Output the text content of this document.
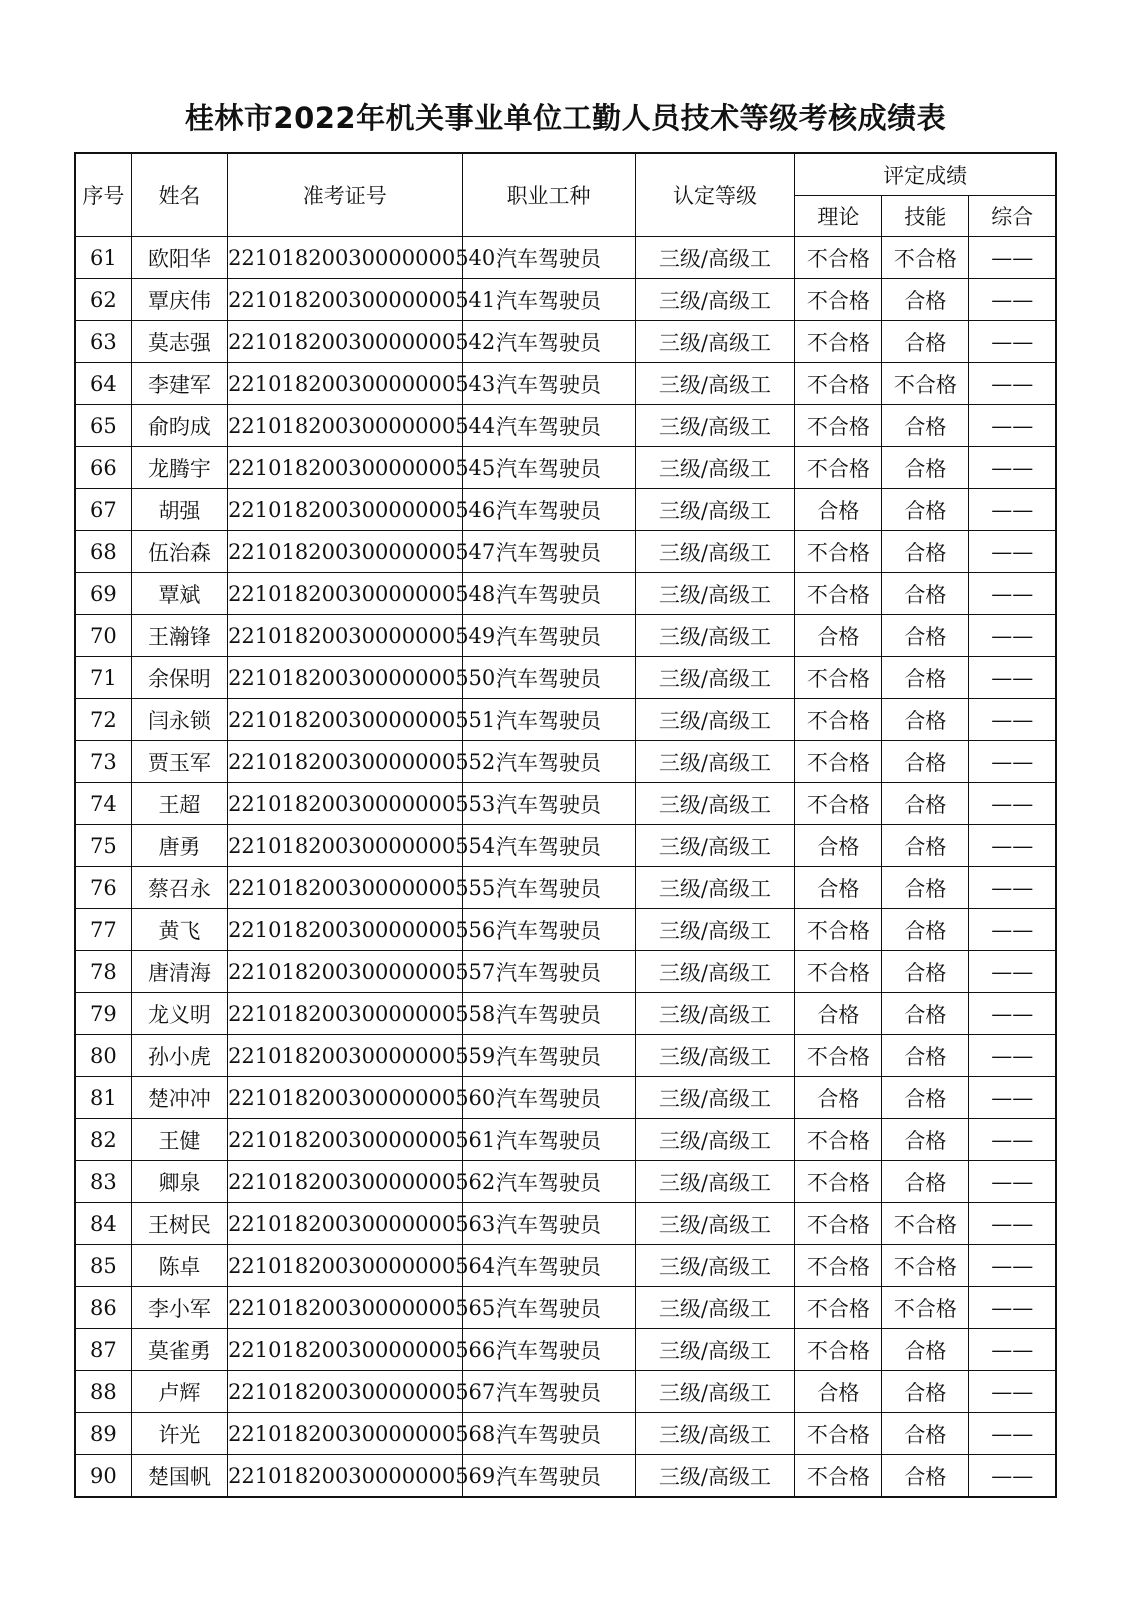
桂林市2022年机关事业单位工勤人员技术等级考核成绩表
序号	姓名	准考证号	职业工种	认定等级	评定成绩		
					理论	技能	综合
61	欧阳华	22101820030000000540	汽车驾驶员	三级/高级工	不合格	不合格	——
62	覃庆伟	22101820030000000541	汽车驾驶员	三级/高级工	不合格	合格	——
63	莫志强	22101820030000000542	汽车驾驶员	三级/高级工	不合格	合格	——
64	李建军	22101820030000000543	汽车驾驶员	三级/高级工	不合格	不合格	——
65	俞昀成	22101820030000000544	汽车驾驶员	三级/高级工	不合格	合格	——
66	龙腾宇	22101820030000000545	汽车驾驶员	三级/高级工	不合格	合格	——
67	胡强	22101820030000000546	汽车驾驶员	三级/高级工	合格	合格	——
68	伍治森	22101820030000000547	汽车驾驶员	三级/高级工	不合格	合格	——
69	覃斌	22101820030000000548	汽车驾驶员	三级/高级工	不合格	合格	——
70	王瀚锋	22101820030000000549	汽车驾驶员	三级/高级工	合格	合格	——
71	余保明	22101820030000000550	汽车驾驶员	三级/高级工	不合格	合格	——
72	闫永锁	22101820030000000551	汽车驾驶员	三级/高级工	不合格	合格	——
73	贾玉军	22101820030000000552	汽车驾驶员	三级/高级工	不合格	合格	——
74	王超	22101820030000000553	汽车驾驶员	三级/高级工	不合格	合格	——
75	唐勇	22101820030000000554	汽车驾驶员	三级/高级工	合格	合格	——
76	蔡召永	22101820030000000555	汽车驾驶员	三级/高级工	合格	合格	——
77	黄飞	22101820030000000556	汽车驾驶员	三级/高级工	不合格	合格	——
78	唐清海	22101820030000000557	汽车驾驶员	三级/高级工	不合格	合格	——
79	龙义明	22101820030000000558	汽车驾驶员	三级/高级工	合格	合格	——
80	孙小虎	22101820030000000559	汽车驾驶员	三级/高级工	不合格	合格	——
81	楚冲冲	22101820030000000560	汽车驾驶员	三级/高级工	合格	合格	——
82	王健	22101820030000000561	汽车驾驶员	三级/高级工	不合格	合格	——
83	卿泉	22101820030000000562	汽车驾驶员	三级/高级工	不合格	合格	——
84	王树民	22101820030000000563	汽车驾驶员	三级/高级工	不合格	不合格	——
85	陈卓	22101820030000000564	汽车驾驶员	三级/高级工	不合格	不合格	——
86	李小军	22101820030000000565	汽车驾驶员	三级/高级工	不合格	不合格	——
87	莫雀勇	22101820030000000566	汽车驾驶员	三级/高级工	不合格	合格	——
88	卢辉	22101820030000000567	汽车驾驶员	三级/高级工	合格	合格	——
89	许光	22101820030000000568	汽车驾驶员	三级/高级工	不合格	合格	——
90	楚国帆	22101820030000000569	汽车驾驶员	三级/高级工	不合格	合格	——
